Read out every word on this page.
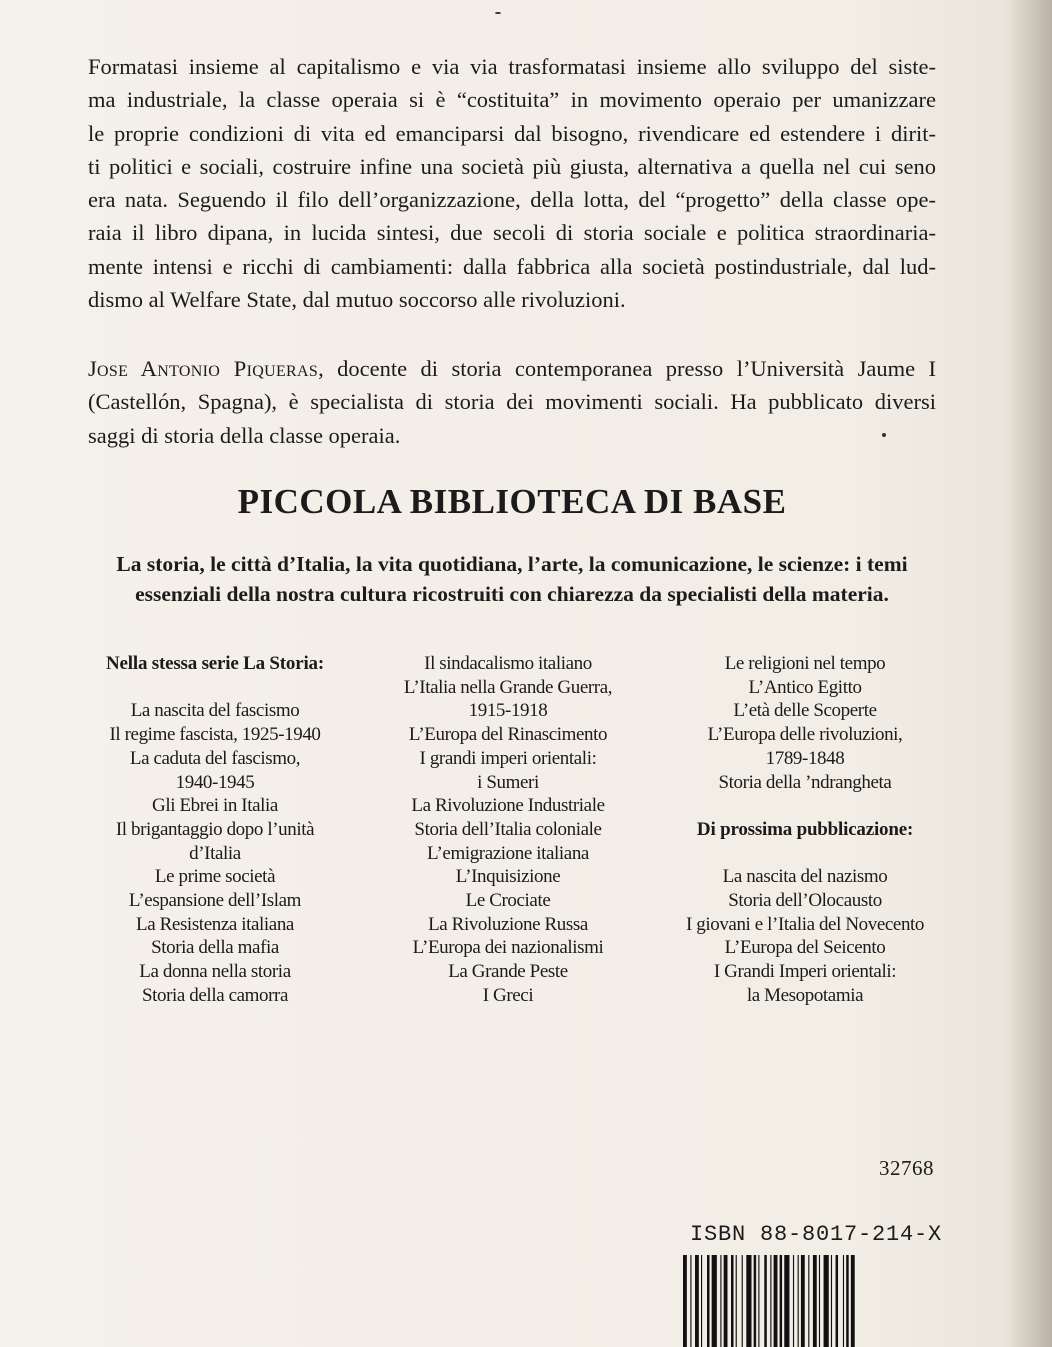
Formatasi insieme al capitalismo e via via trasformatasi insieme allo sviluppo del siste-
ma industriale, la classe operaia si è “costituita” in movimento operaio per umanizzare
le proprie condizioni di vita ed emanciparsi dal bisogno, rivendicare ed estendere i dirit-
ti politici e sociali, costruire infine una società più giusta, alternativa a quella nel cui seno
era nata. Seguendo il filo dell’organizzazione, della lotta, del “progetto” della classe ope-
raia il libro dipana, in lucida sintesi, due secoli di storia sociale e politica straordinaria-
mente intensi e ricchi di cambiamenti: dalla fabbrica alla società postindustriale, dal lud-
dismo al Welfare State, dal mutuo soccorso alle rivoluzioni.
Jose Antonio Piqueras, docente di storia contemporanea presso l’Università Jaume I
(Castellón, Spagna), è specialista di storia dei movimenti sociali. Ha pubblicato diversi
saggi di storia della classe operaia.
PICCOLA BIBLIOTECA DI BASE
La storia, le città d’Italia, la vita quotidiana, l’arte, la comunicazione, le scienze: i temi
essenziali della nostra cultura ricostruiti con chiarezza da specialisti della materia.
Nella stessa serie La Storia:
La nascita del fascismo
Il regime fascista, 1925-1940
La caduta del fascismo,
1940-1945
Gli Ebrei in Italia
Il brigantaggio dopo l’unità
d’Italia
Le prime società
L’espansione dell’Islam
La Resistenza italiana
Storia della mafia
La donna nella storia
Storia della camorra
Il sindacalismo italiano
L’Italia nella Grande Guerra,
1915-1918
L’Europa del Rinascimento
I grandi imperi orientali:
i Sumeri
La Rivoluzione Industriale
Storia dell’Italia coloniale
L’emigrazione italiana
L’Inquisizione
Le Crociate
La Rivoluzione Russa
L’Europa dei nazionalismi
La Grande Peste
I Greci
Le religioni nel tempo
L’Antico Egitto
L’età delle Scoperte
L’Europa delle rivoluzioni,
1789-1848
Storia della ’ndrangheta
Di prossima pubblicazione:
La nascita del nazismo
Storia dell’Olocausto
I giovani e l’Italia del Novecento
L’Europa del Seicento
I Grandi Imperi orientali:
la Mesopotamia
32768
ISBN 88-8017-214-X
